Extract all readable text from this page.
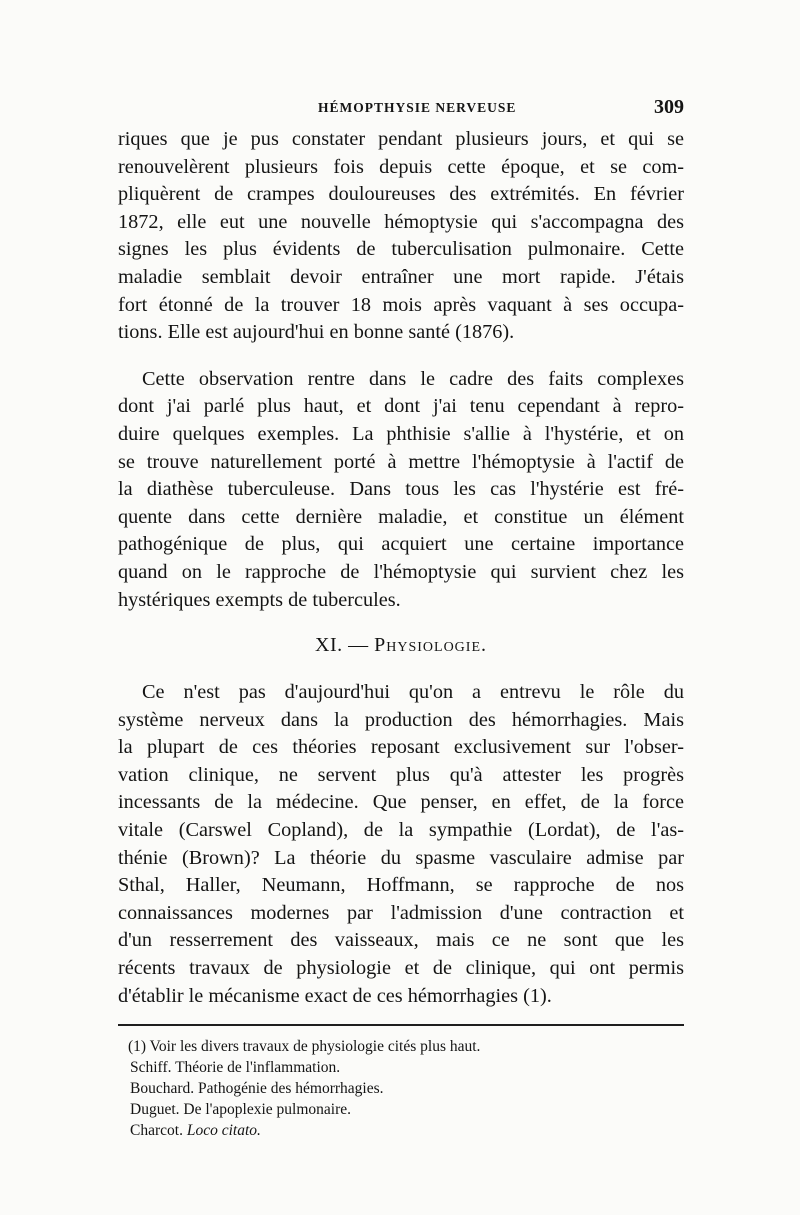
HÉMOPTHYSIE NERVEUSE	309

riques que je pus constater pendant plusieurs jours, et qui se
renouvelèrent plusieurs fois depuis cette époque, et se com-
pliquèrent de crampes douloureuses des extrémités. En février
1872, elle eut une nouvelle hémoptysie qui s'accompagna des
signes les plus évidents de tuberculisation pulmonaire. Cette
maladie semblait devoir entraîner une mort rapide. J'étais
fort étonné de la trouver 18 mois après vaquant à ses occupa-
tions. Elle est aujourd'hui en bonne santé (1876).

Cette observation rentre dans le cadre des faits complexes
dont j'ai parlé plus haut, et dont j'ai tenu cependant à repro-
duire quelques exemples. La phthisie s'allie à l'hystérie, et on
se trouve naturellement porté à mettre l'hémoptysie à l'actif de
la diathèse tuberculeuse. Dans tous les cas l'hystérie est fré-
quente dans cette dernière maladie, et constitue un élément
pathogénique de plus, qui acquiert une certaine importance
quand on le rapproche de l'hémoptysie qui survient chez les
hystériques exempts de tubercules.

XI. — Physiologie.

Ce n'est pas d'aujourd'hui qu'on a entrevu le rôle du
système nerveux dans la production des hémorrhagies. Mais
la plupart de ces théories reposant exclusivement sur l'obser-
vation clinique, ne servent plus qu'à attester les progrès
incessants de la médecine. Que penser, en effet, de la force
vitale (Carswel Copland), de la sympathie (Lordat), de l'as-
thénie (Brown)? La théorie du spasme vasculaire admise par
Sthal, Haller, Neumann, Hoffmann, se rapproche de nos
connaissances modernes par l'admission d'une contraction et
d'un resserrement des vaisseaux, mais ce ne sont que les
récents travaux de physiologie et de clinique, qui ont permis
d'établir le mécanisme exact de ces hémorrhagies (1).

(1) Voir les divers travaux de physiologie cités plus haut.
Schiff. Théorie de l'inflammation.
Bouchard. Pathogénie des hémorrhagies.
Duguet. De l'apoplexie pulmonaire.
Charcot. Loco citato.
